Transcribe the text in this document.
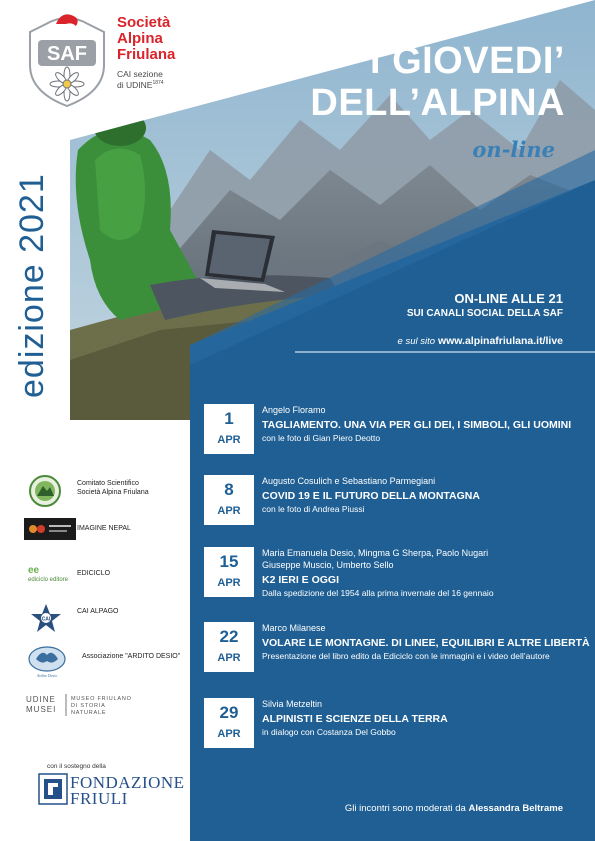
SAF
Società
Alpina
Friulana
CAI sezione
di $UDINE^{1874}$
I GIOVEDI’
DELL’ALPINA
on-line
edizione 2021	ON-LINE ALLE 21
SUI CANALI SOCIAL DELLA SAF
e sul sito www.alpinafriulana.it/live
1
APR
Angelo Floramo
TAGLIAMENTO. UNA VIA PER GLI DEI, I SIMBOLI, GLI UOMINI
con le foto di Gian Piero Deotto
8
APR
Augusto Cosulich e Sebastiano Parmegiani
COVID 19 E IL FUTURO DELLA MONTAGNA
con le foto di Andrea Piussi
15
APR
Maria Emanuela Desio, Mingma G Sherpa, Paolo Nugari
Giuseppe Muscio, Umberto Sello
K2 IERI E OGGI
Dalla spedizione del 1954 alla prima invernale del 16 gennaio
22
APR
Marco Milanese
VOLARE LE MONTAGNE. DI LINEE, EQUILIBRI E ALTRE LIBERTÀ
Presentazione del libro edito da Ediciclo con le immagini e i video dell’autore
29
APR
Silvia Metzeltin
ALPINISTI E SCIENZE DELLA TERRA
in dialogo con Costanza Del Gobbo
Gli incontri sono moderati da Alessandra Beltrame
Comitato Scientifico
Società Alpina Friulana
IMAGINE NEPAL
ee
ediciclo editore
EDICICLO
CAI
CAI ALPAGO
Ardito Desio
Associazione "ARDITO DESIO"
UDINE
MUSEI
MUSEO FRIULANO
DI STORIA
NATURALE
con il sostegno della
FONDAZIONE
FRIULI
